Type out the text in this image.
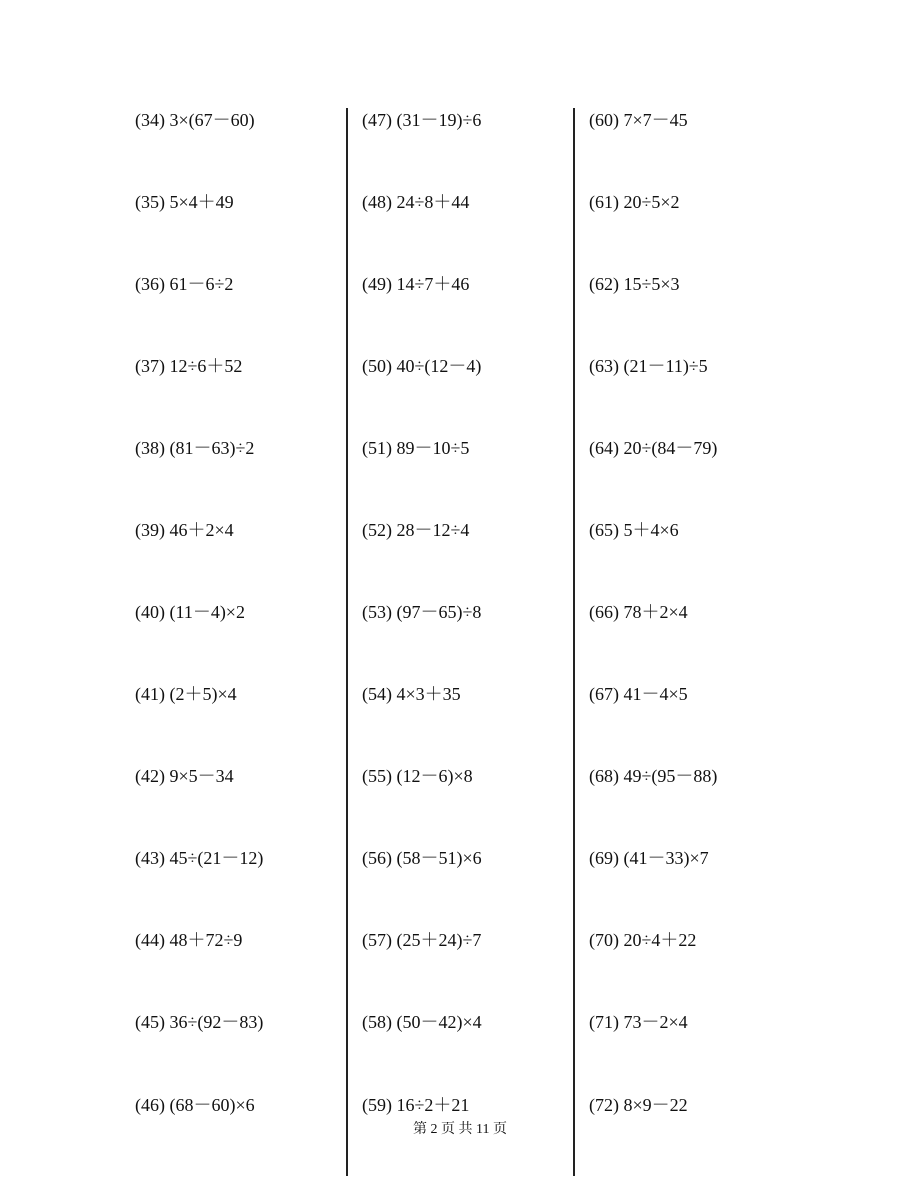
(34) 3×(67－60)
(35) 5×4＋49
(36) 61－6÷2
(37) 12÷6＋52
(38) (81－63)÷2
(39) 46＋2×4
(40) (11－4)×2
(41) (2＋5)×4
(42) 9×5－34
(43) 45÷(21－12)
(44) 48＋72÷9
(45) 36÷(92－83)
(46) (68－60)×6
(47) (31－19)÷6
(48) 24÷8＋44
(49) 14÷7＋46
(50) 40÷(12－4)
(51) 89－10÷5
(52) 28－12÷4
(53) (97－65)÷8
(54) 4×3＋35
(55) (12－6)×8
(56) (58－51)×6
(57) (25＋24)÷7
(58) (50－42)×4
(59) 16÷2＋21
(60) 7×7－45
(61) 20÷5×2
(62) 15÷5×3
(63) (21－11)÷5
(64) 20÷(84－79)
(65) 5＋4×6
(66) 78＋2×4
(67) 41－4×5
(68) 49÷(95－88)
(69) (41－33)×7
(70) 20÷4＋22
(71) 73－2×4
(72) 8×9－22
第 2 页 共 11 页
